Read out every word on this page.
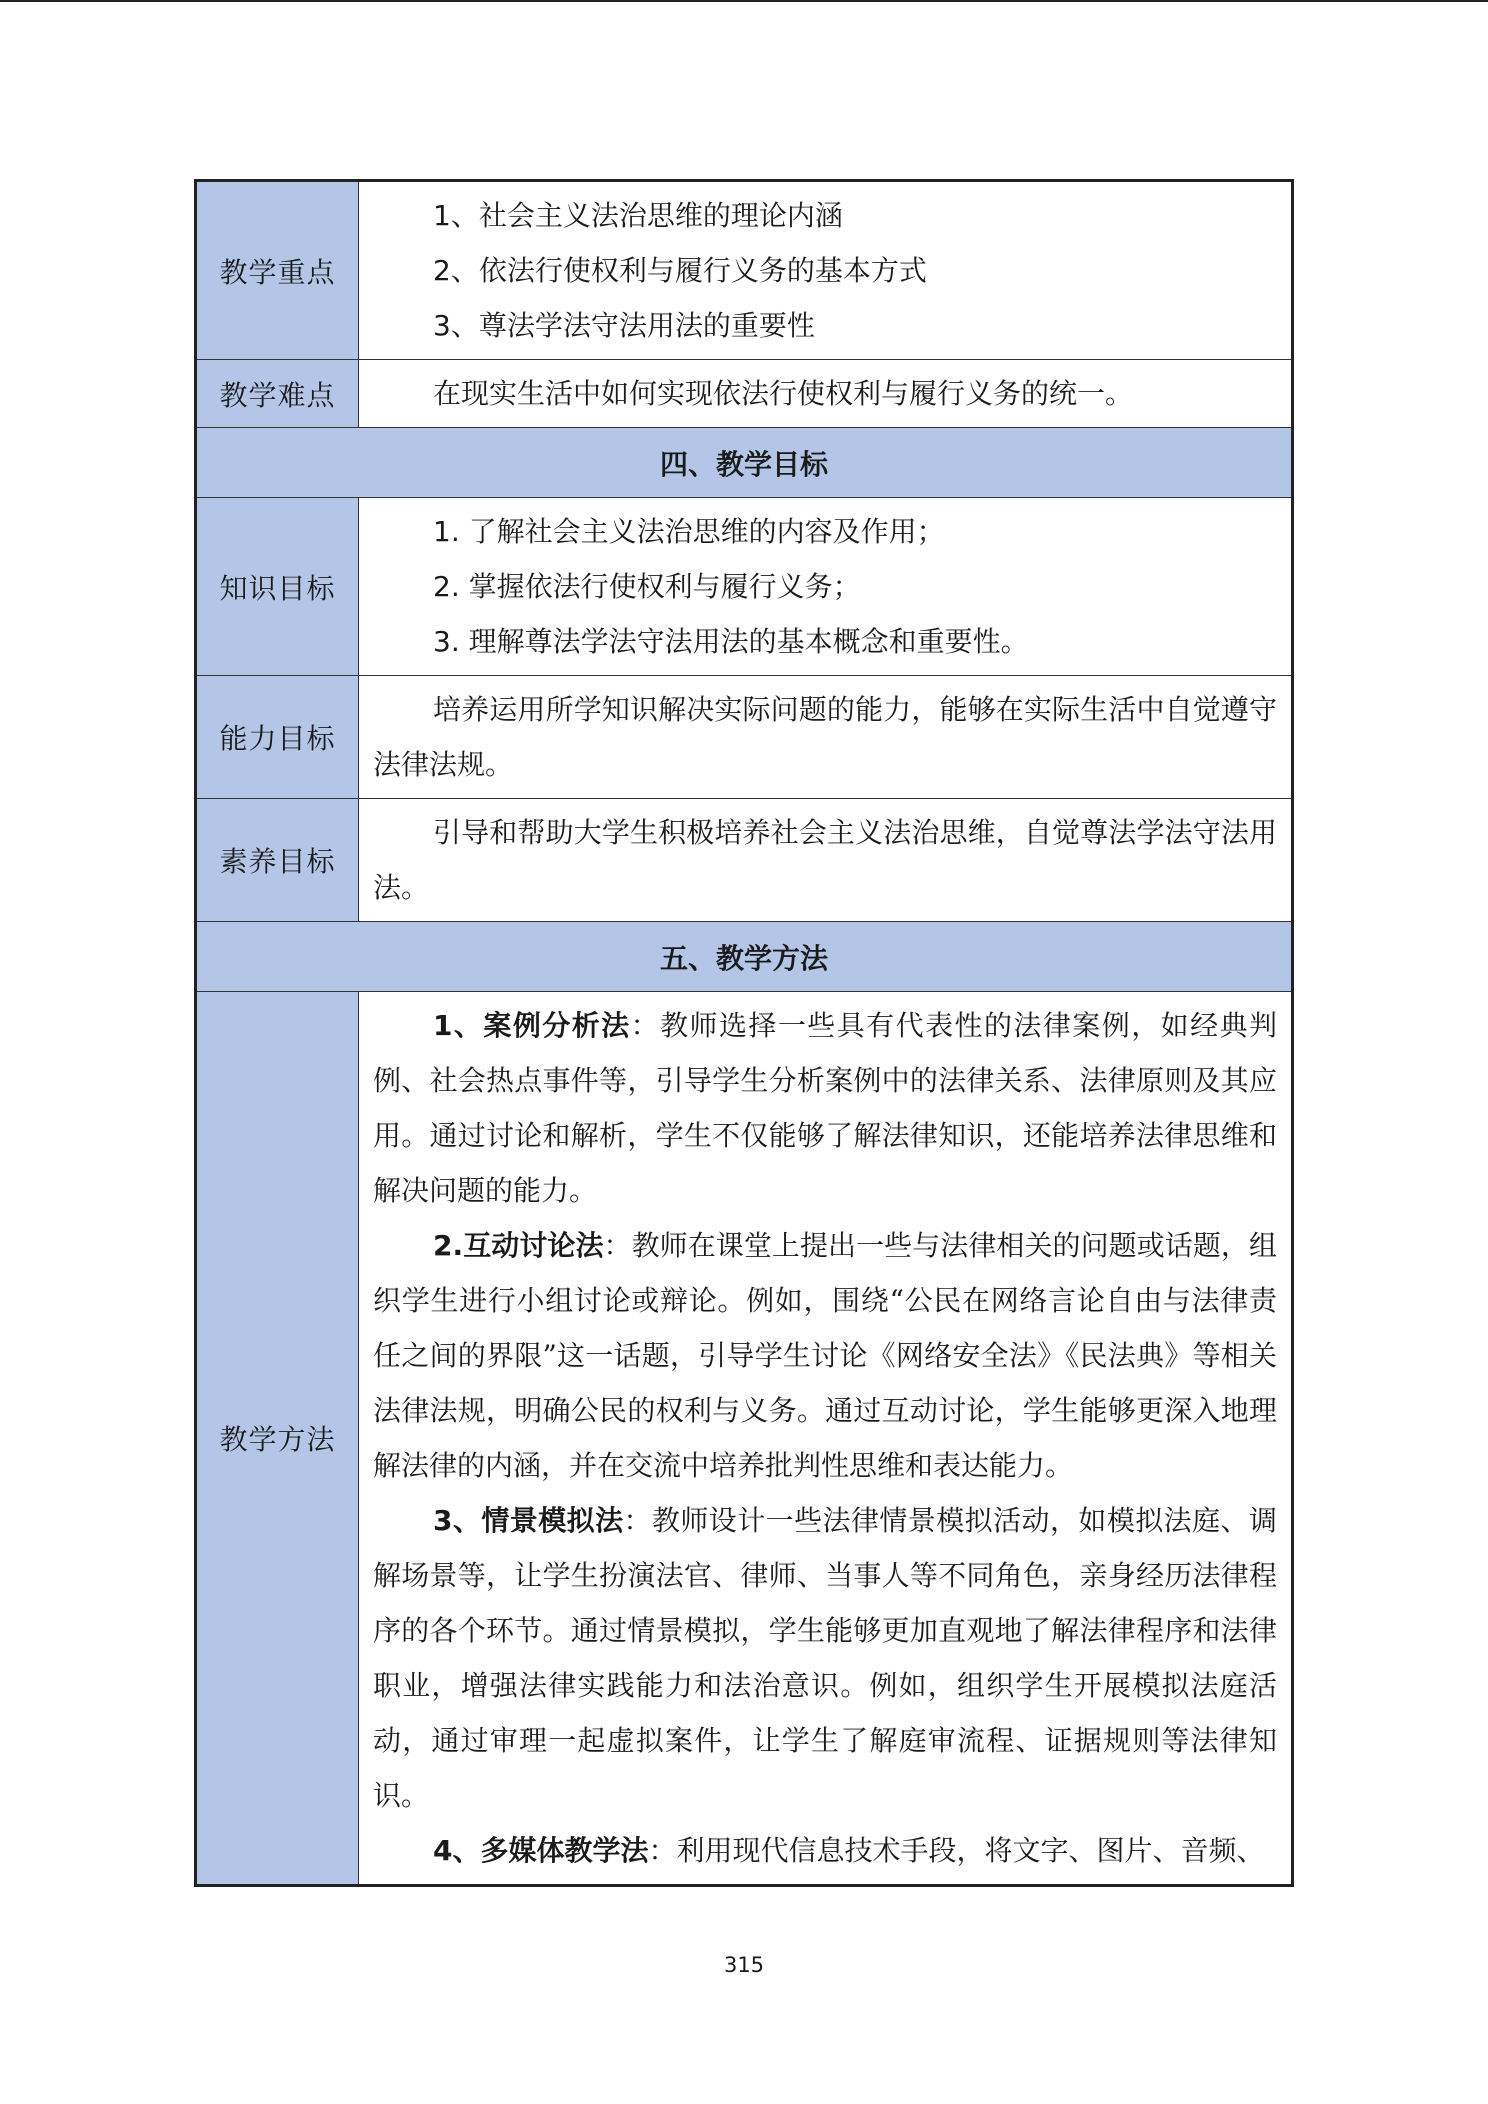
教学重点	1、社会主义法治思维的理论内涵

2、依法行使权利与履行义务的基本方式

3、尊法学法守法用法的重要性

教学难点	在现实生活中如何实现依法行使权利与履行义务的统一。

四、教学目标	
知识目标	1. 了解社会主义法治思维的内容及作用；

2. 掌握依法行使权利与履行义务；

3. 理解尊法学法守法用法的基本概念和重要性。

能力目标	培养运用所学知识解决实际问题的能力，能够在实际生活中自觉遵守法律法规。

素养目标	引导和帮助大学生积极培养社会主义法治思维，自觉尊法学法守法用法。

五、教学方法	
教学方法	1、案例分析法：教师选择一些具有代表性的法律案例，如经典判例、社会热点事件等，引导学生分析案例中的法律关系、法律原则及其应用。通过讨论和解析，学生不仅能够了解法律知识，还能培养法律思维和解决问题的能力。

2.互动讨论法：教师在课堂上提出一些与法律相关的问题或话题，组织学生进行小组讨论或辩论。例如，围绕“公民在网络言论自由与法律责任之间的界限”这一话题，引导学生讨论《网络安全法》《民法典》等相关法律法规，明确公民的权利与义务。通过互动讨论，学生能够更深入地理解法律的内涵，并在交流中培养批判性思维和表达能力。

3、情景模拟法：教师设计一些法律情景模拟活动，如模拟法庭、调解场景等，让学生扮演法官、律师、当事人等不同角色，亲身经历法律程序的各个环节。通过情景模拟，学生能够更加直观地了解法律程序和法律职业，增强法律实践能力和法治意识。例如，组织学生开展模拟法庭活动，通过审理一起虚拟案件，让学生了解庭审流程、证据规则等法律知识。

4、多媒体教学法：利用现代信息技术手段，将文字、图片、音频、

315
